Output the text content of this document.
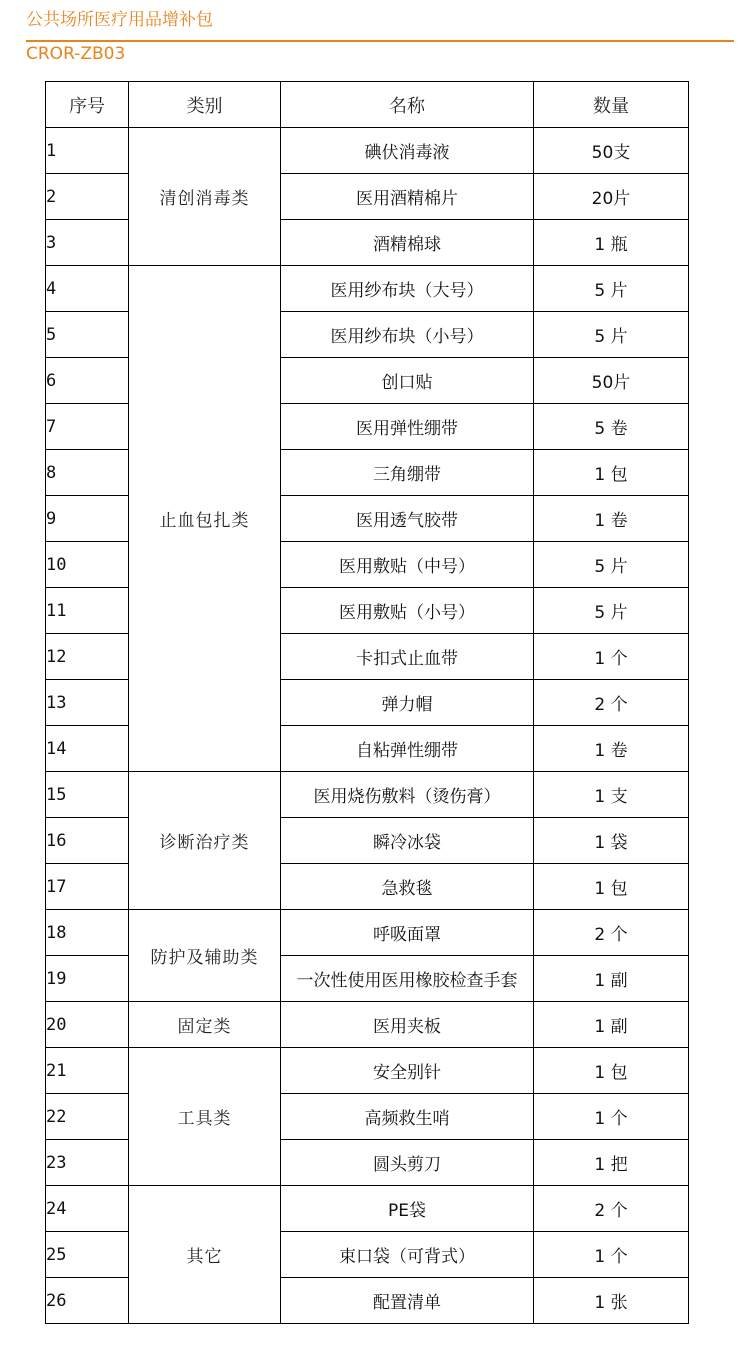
公共场所医疗用品增补包
CROR-ZB03
序号	类别	名称	数量
1	清创消毒类	碘伏消毒液	50支
2		医用酒精棉片	20片
3		酒精棉球	1 瓶
4	止血包扎类	医用纱布块（大号）	5 片
5		医用纱布块（小号）	5 片
6		创口贴	50片
7		医用弹性绷带	5 卷
8		三角绷带	1 包
9		医用透气胶带	1 卷
10		医用敷贴（中号）	5 片
11		医用敷贴（小号）	5 片
12		卡扣式止血带	1 个
13		弹力帽	2 个
14		自粘弹性绷带	1 卷
15	诊断治疗类	医用烧伤敷料（烫伤膏）	1 支
16		瞬冷冰袋	1 袋
17		急救毯	1 包
18	防护及辅助类	呼吸面罩	2 个
19		一次性使用医用橡胶检查手套	1 副
20	固定类	医用夹板	1 副
21	工具类	安全别针	1 包
22		高频救生哨	1 个
23		圆头剪刀	1 把
24	其它	PE袋	2 个
25		束口袋（可背式）	1 个
26		配置清单	1 张
